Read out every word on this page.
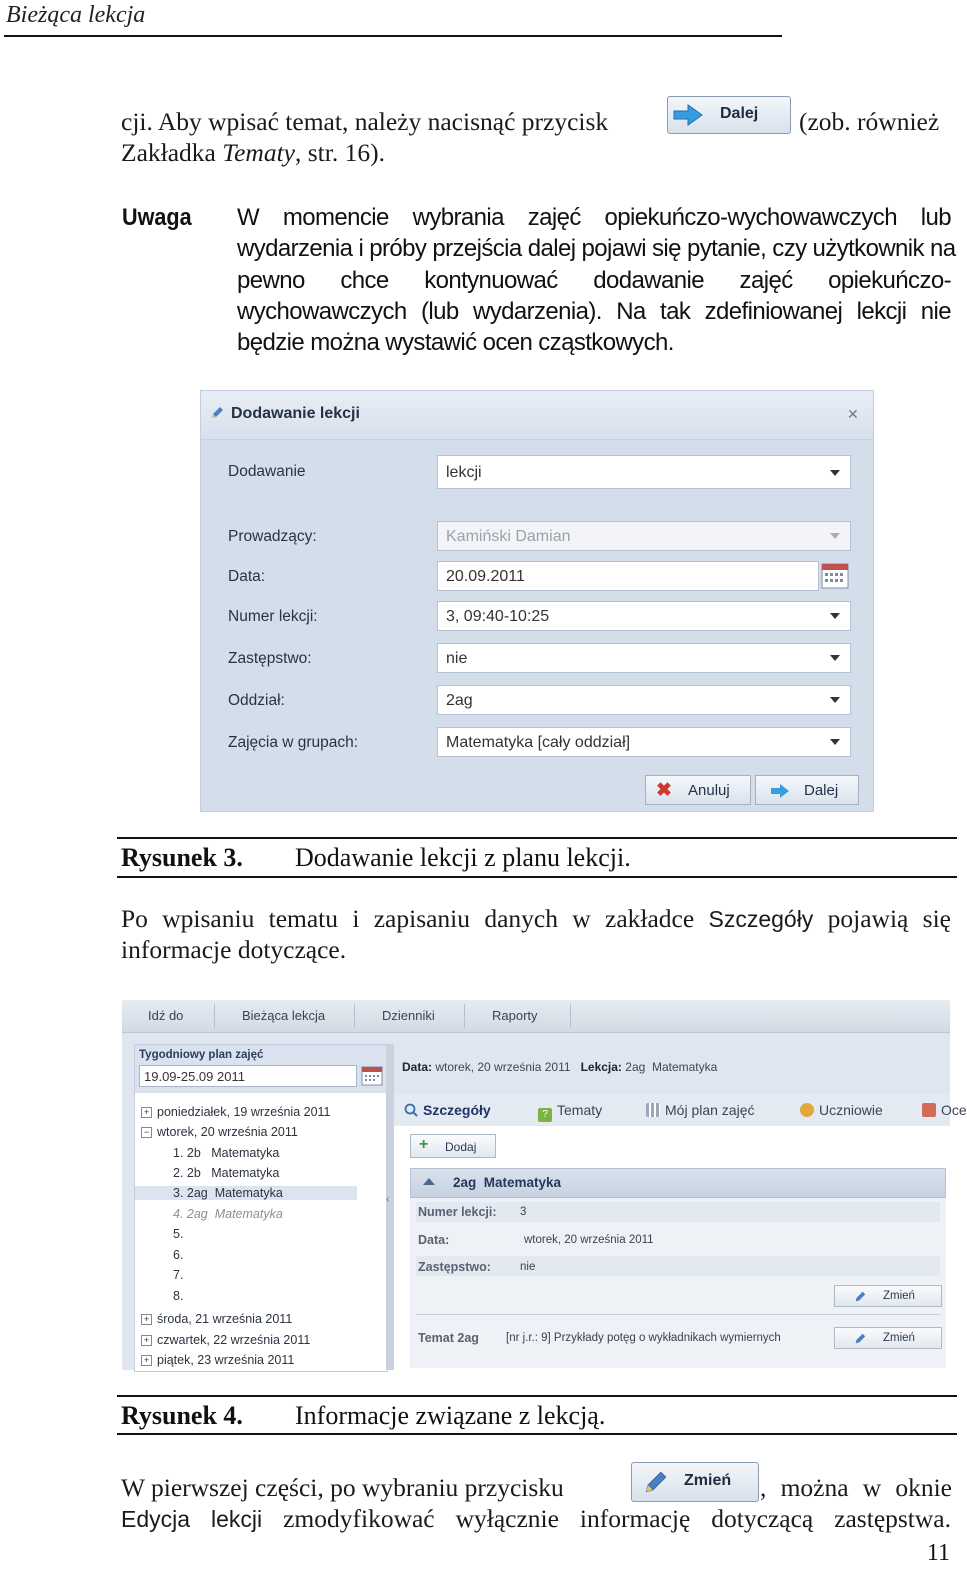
Bieżąca lekcja
cji. Aby wpisać temat, należy nacisnąć przycisk	Dalej (zob. również
Zakładka Tematy, str. 16).
Uwaga W momencie wybrania zajęć opiekuńczo-wychowawczych lub
wydarzenia i próby przejścia dalej pojawi się pytanie, czy użytkownik na
pewno chce kontynuować dodawanie zajęć opiekuńczo-
wychowawczych (lub wydarzenia). Na tak zdefiniowanej lekcji nie
będzie można wystawić ocen cząstkowych.
Dodawanie lekcji	✕
Dodawanie	lekcji
Prowadzący:	Kamiński Damian
Data:	20.09.2011
Numer lekcji:	3, 09:40-10:25
Zastępstwo:	nie
Oddział:	2ag
Zajęcia w grupach:	Matematyka [cały oddział]
✖ Anuluj	Dalej
Rysunek 3. Dodawanie lekcji z planu lekcji.
Po wpisaniu tematu i zapisaniu danych w zakładce Szczegóły pojawią się
informacje dotyczące.
Idź do	Bieżąca lekcja	Dzienniki	Raporty
Tygodniowy plan zajęć
19.09-25.09 2011
+ poniedziałek, 19 września 2011
− wtorek, 20 września 2011
1. 2b   Matematyka
2. 2b   Matematyka
3. 2ag  Matematyka
4. 2ag  Matematyka
5.
6.
7.
8.
+ środa, 21 września 2011
+ czwartek, 22 września 2011
+ piątek, 23 września 2011
‹
Data: wtorek, 20 września 2011 Lekcja: 2ag  Matematyka
Szczegóły	? Tematy	Mój plan zajęć	Uczniowie	Oce
+ Dodaj
2ag  Matematyka
Numer lekcji: 3
Data:	wtorek, 20 września 2011
Zastępstwo:	nie
Zmień
Temat 2ag [nr j.r.: 9] Przykłady potęg o wykładnikach wymiernych	Zmień
Rysunek 4. Informacje związane z lekcją.
W pierwszej części, po wybraniu przycisku	Zmień , można w oknie
Edycja lekcji zmodyfikować wyłącznie informację dotyczącą zastępstwa.
11
